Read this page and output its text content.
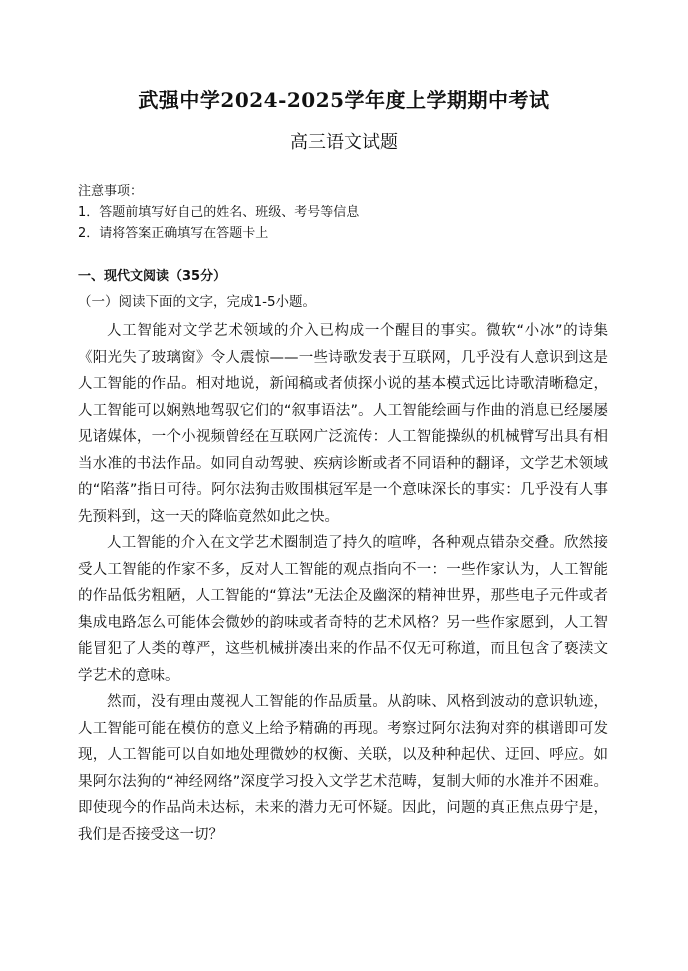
武强中学2024-2025学年度上学期期中考试
高三语文试题
注意事项：
1．答题前填写好自己的姓名、班级、考号等信息
2．请将答案正确填写在答题卡上
一、现代文阅读（35分）
（一）阅读下面的文字，完成1-5小题。

人工智能对文学艺术领域的介入已构成一个醒目的事实。微软“小冰”的诗集《阳光失了玻璃窗》令人震惊——一些诗歌发表于互联网，几乎没有人意识到这是人工智能的作品。相对地说，新闻稿或者侦探小说的基本模式远比诗歌清晰稳定，人工智能可以娴熟地驾驭它们的“叙事语法”。人工智能绘画与作曲的消息已经屡屡见诸媒体，一个小视频曾经在互联网广泛流传：人工智能操纵的机械臂写出具有相当水准的书法作品。如同自动驾驶、疾病诊断或者不同语种的翻译，文学艺术领域的“陷落”指日可待。阿尔法狗击败围棋冠军是一个意味深长的事实：几乎没有人事先预料到，这一天的降临竟然如此之快。

人工智能的介入在文学艺术圈制造了持久的喧哗，各种观点错杂交叠。欣然接受人工智能的作家不多，反对人工智能的观点指向不一：一些作家认为，人工智能的作品低劣粗陋，人工智能的“算法”无法企及幽深的精神世界，那些电子元件或者集成电路怎么可能体会微妙的韵味或者奇特的艺术风格？另一些作家愿到，人工智能冒犯了人类的尊严，这些机械拼凑出来的作品不仅无可称道，而且包含了亵渎文学艺术的意味。

然而，没有理由蔑视人工智能的作品质量。从韵味、风格到波动的意识轨迹，人工智能可能在模仿的意义上给予精确的再现。考察过阿尔法狗对弈的棋谱即可发现，人工智能可以自如地处理微妙的权衡、关联，以及种种起伏、迂回、呼应。如果阿尔法狗的“神经网络”深度学习投入文学艺术范畴，复制大师的水准并不困难。即使现今的作品尚未达标，未来的潜力无可怀疑。因此，问题的真正焦点毋宁是，我们是否接受这一切？
